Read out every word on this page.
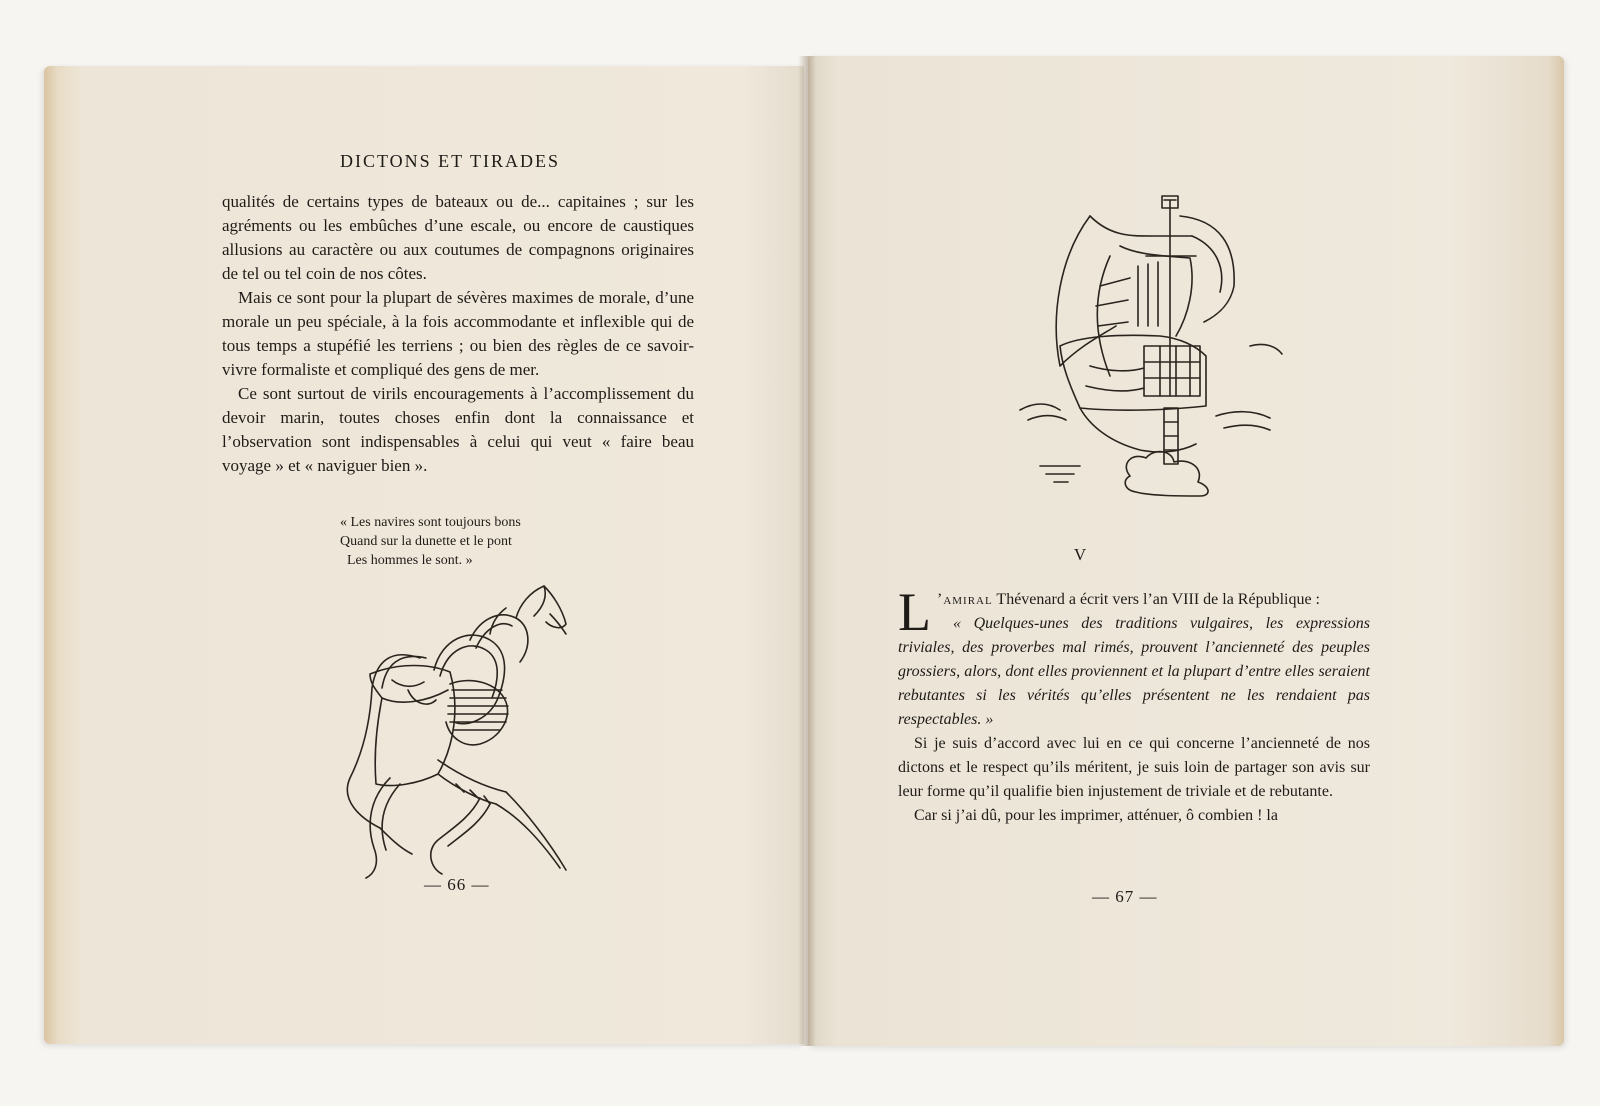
DICTONS ET TIRADES

qualités de certains types de bateaux ou de... capitaines ; sur les agréments ou les embûches d’une escale, ou encore de caustiques allusions au caractère ou aux coutumes de compagnons originaires de tel ou tel coin de nos côtes.

Mais ce sont pour la plupart de sévères maximes de morale, d’une morale un peu spéciale, à la fois accommodante et inflexible qui de tous temps a stupéfié les terriens ; ou bien des règles de ce savoir-vivre formaliste et compliqué des gens de mer.

Ce sont surtout de virils encouragements à l’accomplissement du devoir marin, toutes choses enfin dont la connaissance et l’observation sont indispensables à celui qui veut « faire beau voyage » et « naviguer bien ».

« Les navires sont toujours bons
Quand sur la dunette et le pont
Les hommes le sont. »
— 66 —
V

L ’amiral Thévenard a écrit vers l’an VIII de la République :

« Quelques-unes des traditions vulgaires, les expressions triviales, des proverbes mal rimés, prouvent l’ancienneté des peuples grossiers, alors, dont elles proviennent et la plupart d’entre elles seraient rebutantes si les vérités qu’elles présentent ne les rendaient pas respectables. »

Si je suis d’accord avec lui en ce qui concerne l’ancienneté de nos dictons et le respect qu’ils méritent, je suis loin de partager son avis sur leur forme qu’il qualifie bien injustement de triviale et de rebutante.

Car si j’ai dû, pour les imprimer, atténuer, ô combien ! la

— 67 —
